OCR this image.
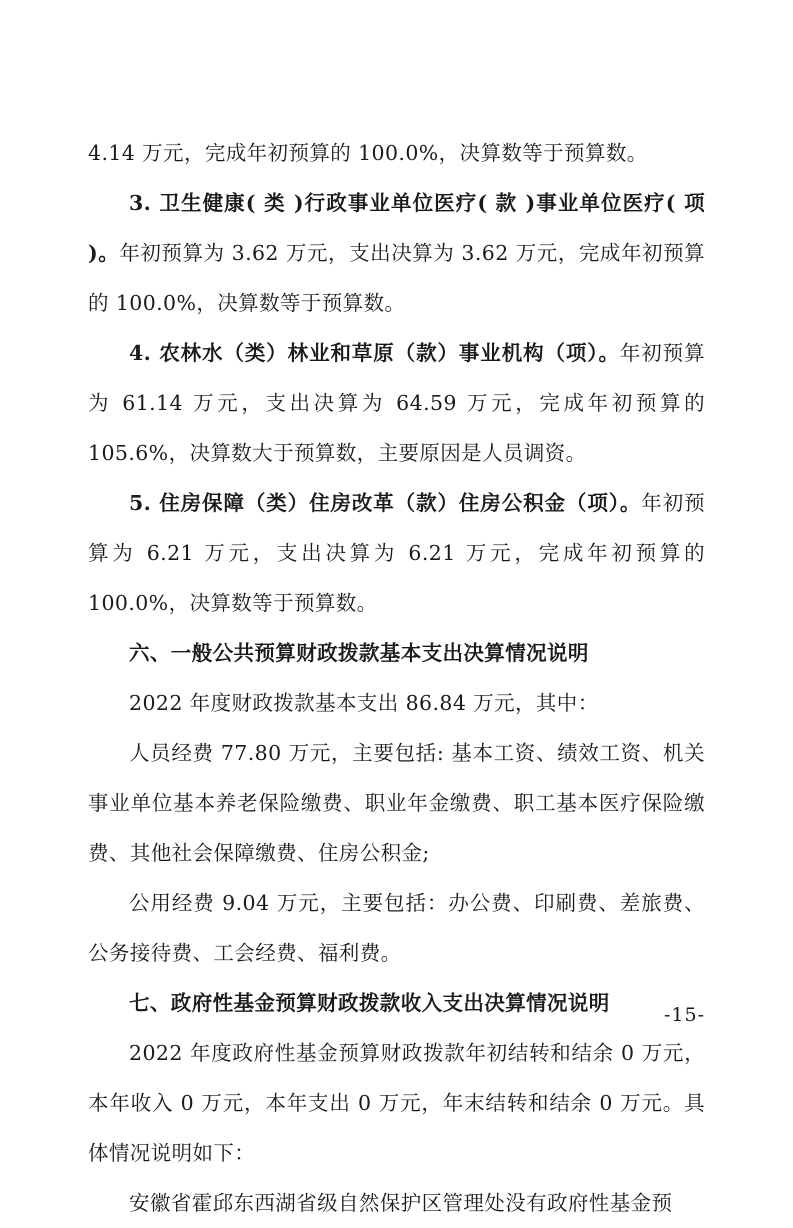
4.14 万元，完成年初预算的 100.0%，决算数等于预算数。

3. 卫生健康( 类 )行政事业单位医疗( 款 )事业单位医疗( 项 )。年初预算为 3.62 万元，支出决算为 3.62 万元，完成年初预算的 100.0%，决算数等于预算数。

4. 农林水（类）林业和草原（款）事业机构（项）。年初预算为 61.14 万元，支出决算为 64.59 万元，完成年初预算的 105.6%，决算数大于预算数，主要原因是人员调资。

5. 住房保障（类）住房改革（款）住房公积金（项）。年初预算为 6.21 万元，支出决算为 6.21 万元，完成年初预算的 100.0%，决算数等于预算数。

六、一般公共预算财政拨款基本支出决算情况说明

2022 年度财政拨款基本支出 86.84 万元，其中：

人员经费 77.80 万元，主要包括: 基本工资、绩效工资、机关事业单位基本养老保险缴费、职业年金缴费、职工基本医疗保险缴费、其他社会保障缴费、住房公积金;

公用经费 9.04 万元，主要包括：办公费、印刷费、差旅费、公务接待费、工会经费、福利费。

七、政府性基金预算财政拨款收入支出决算情况说明

2022 年度政府性基金预算财政拨款年初结转和结余 0 万元，本年收入 0 万元，本年支出 0 万元，年末结转和结余 0 万元。具体情况说明如下：

安徽省霍邱东西湖省级自然保护区管理处没有政府性基金预

-15-
